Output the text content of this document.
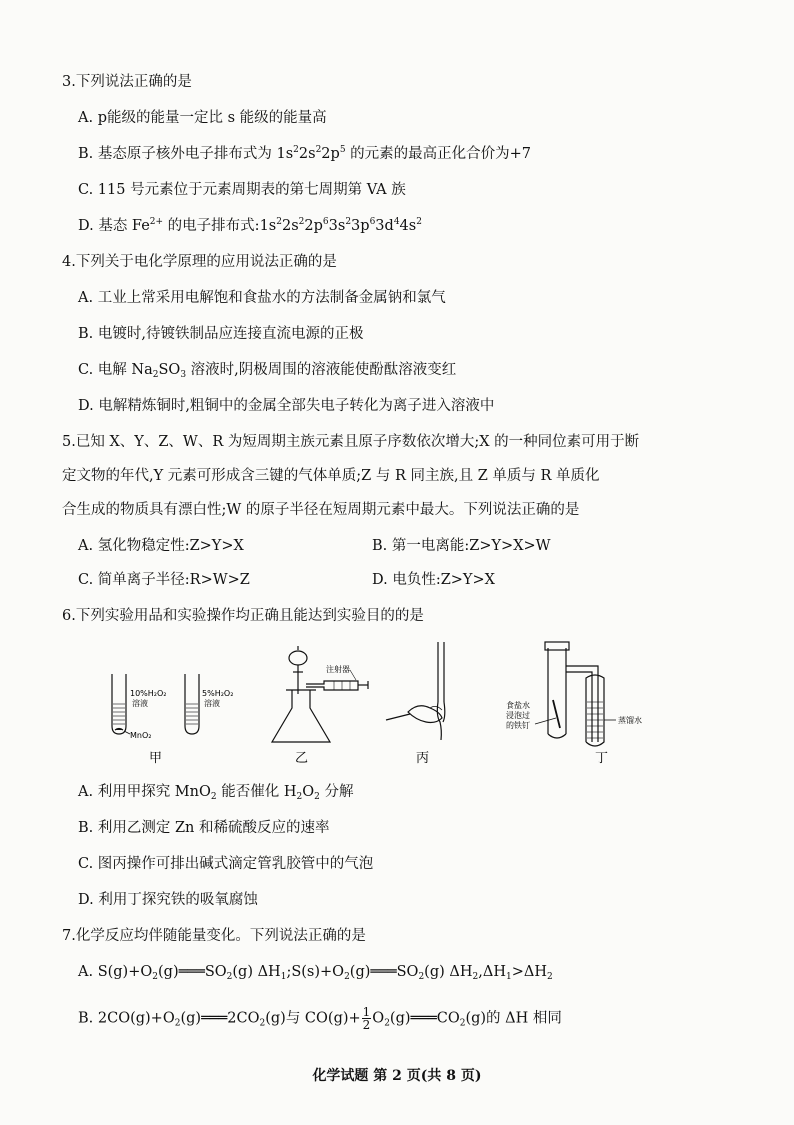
3.下列说法正确的是
A. p能级的能量一定比 s 能级的能量高
B. 基态原子核外电子排布式为 $1s^22s^22p^5$ 的元素的最高正化合价为+7
C. 115 号元素位于元素周期表的第七周期第 VA 族
D. 基态 $Fe^{2+}$ 的电子排布式$:1s^22s^22p^63s^23p^63d^44s^2$
4.下列关于电化学原理的应用说法正确的是
A. 工业上常采用电解饱和食盐水的方法制备金属钠和氯气
B. 电镀时,待镀铁制品应连接直流电源的正极
C. 电解 $Na_2SO_3$ 溶液时,阴极周围的溶液能使酚酞溶液变红
D. 电解精炼铜时,粗铜中的金属全部失电子转化为离子进入溶液中
5.已知 X、Y、Z、W、R 为短周期主族元素且原子序数依次增大;X 的一种同位素可用于断
定文物的年代,Y 元素可形成含三键的气体单质;Z 与 R 同主族,且 Z 单质与 R 单质化
合生成的物质具有漂白性;W 的原子半径在短周期元素中最大。下列说法正确的是
A. 氢化物稳定性:Z>Y>X	B. 第一电离能:Z>Y>X>W
C. 简单离子半径:R>W>Z	D. 电负性:Z>Y>X
6.下列实验用品和实验操作均正确且能达到实验目的的是
10%H₂O₂
溶液
5%H₂O₂
溶液
MnO₂
注射器
食盐水
浸泡过
的铁钉
蒸馏水
甲	乙	丙	丁
A. 利用甲探究 MnO$_2$ 能否催化 $H_2O_2$ 分解
B. 利用乙测定 Zn 和稀硫酸反应的速率
C. 图丙操作可排出碱式滴定管乳胶管中的气泡
D. 利用丁探究铁的吸氧腐蚀
7.化学反应均伴随能量变化。下列说法正确的是
A. $S(g)+O_2(g)═══SO_2(g)$ $\Delta H_1;S(s)+O_2(g)═══SO_2(g)$ $\Delta H_2,\Delta H_1>\Delta H_2$
B. $2CO(g)+O_2(g)═══2CO_2(g)$与 $CO(g)+ \frac{1}{2}$ $O_2(g)═══CO_2(g)$的 ΔH 相同
化学试题 第 2 页(共 8 页)
